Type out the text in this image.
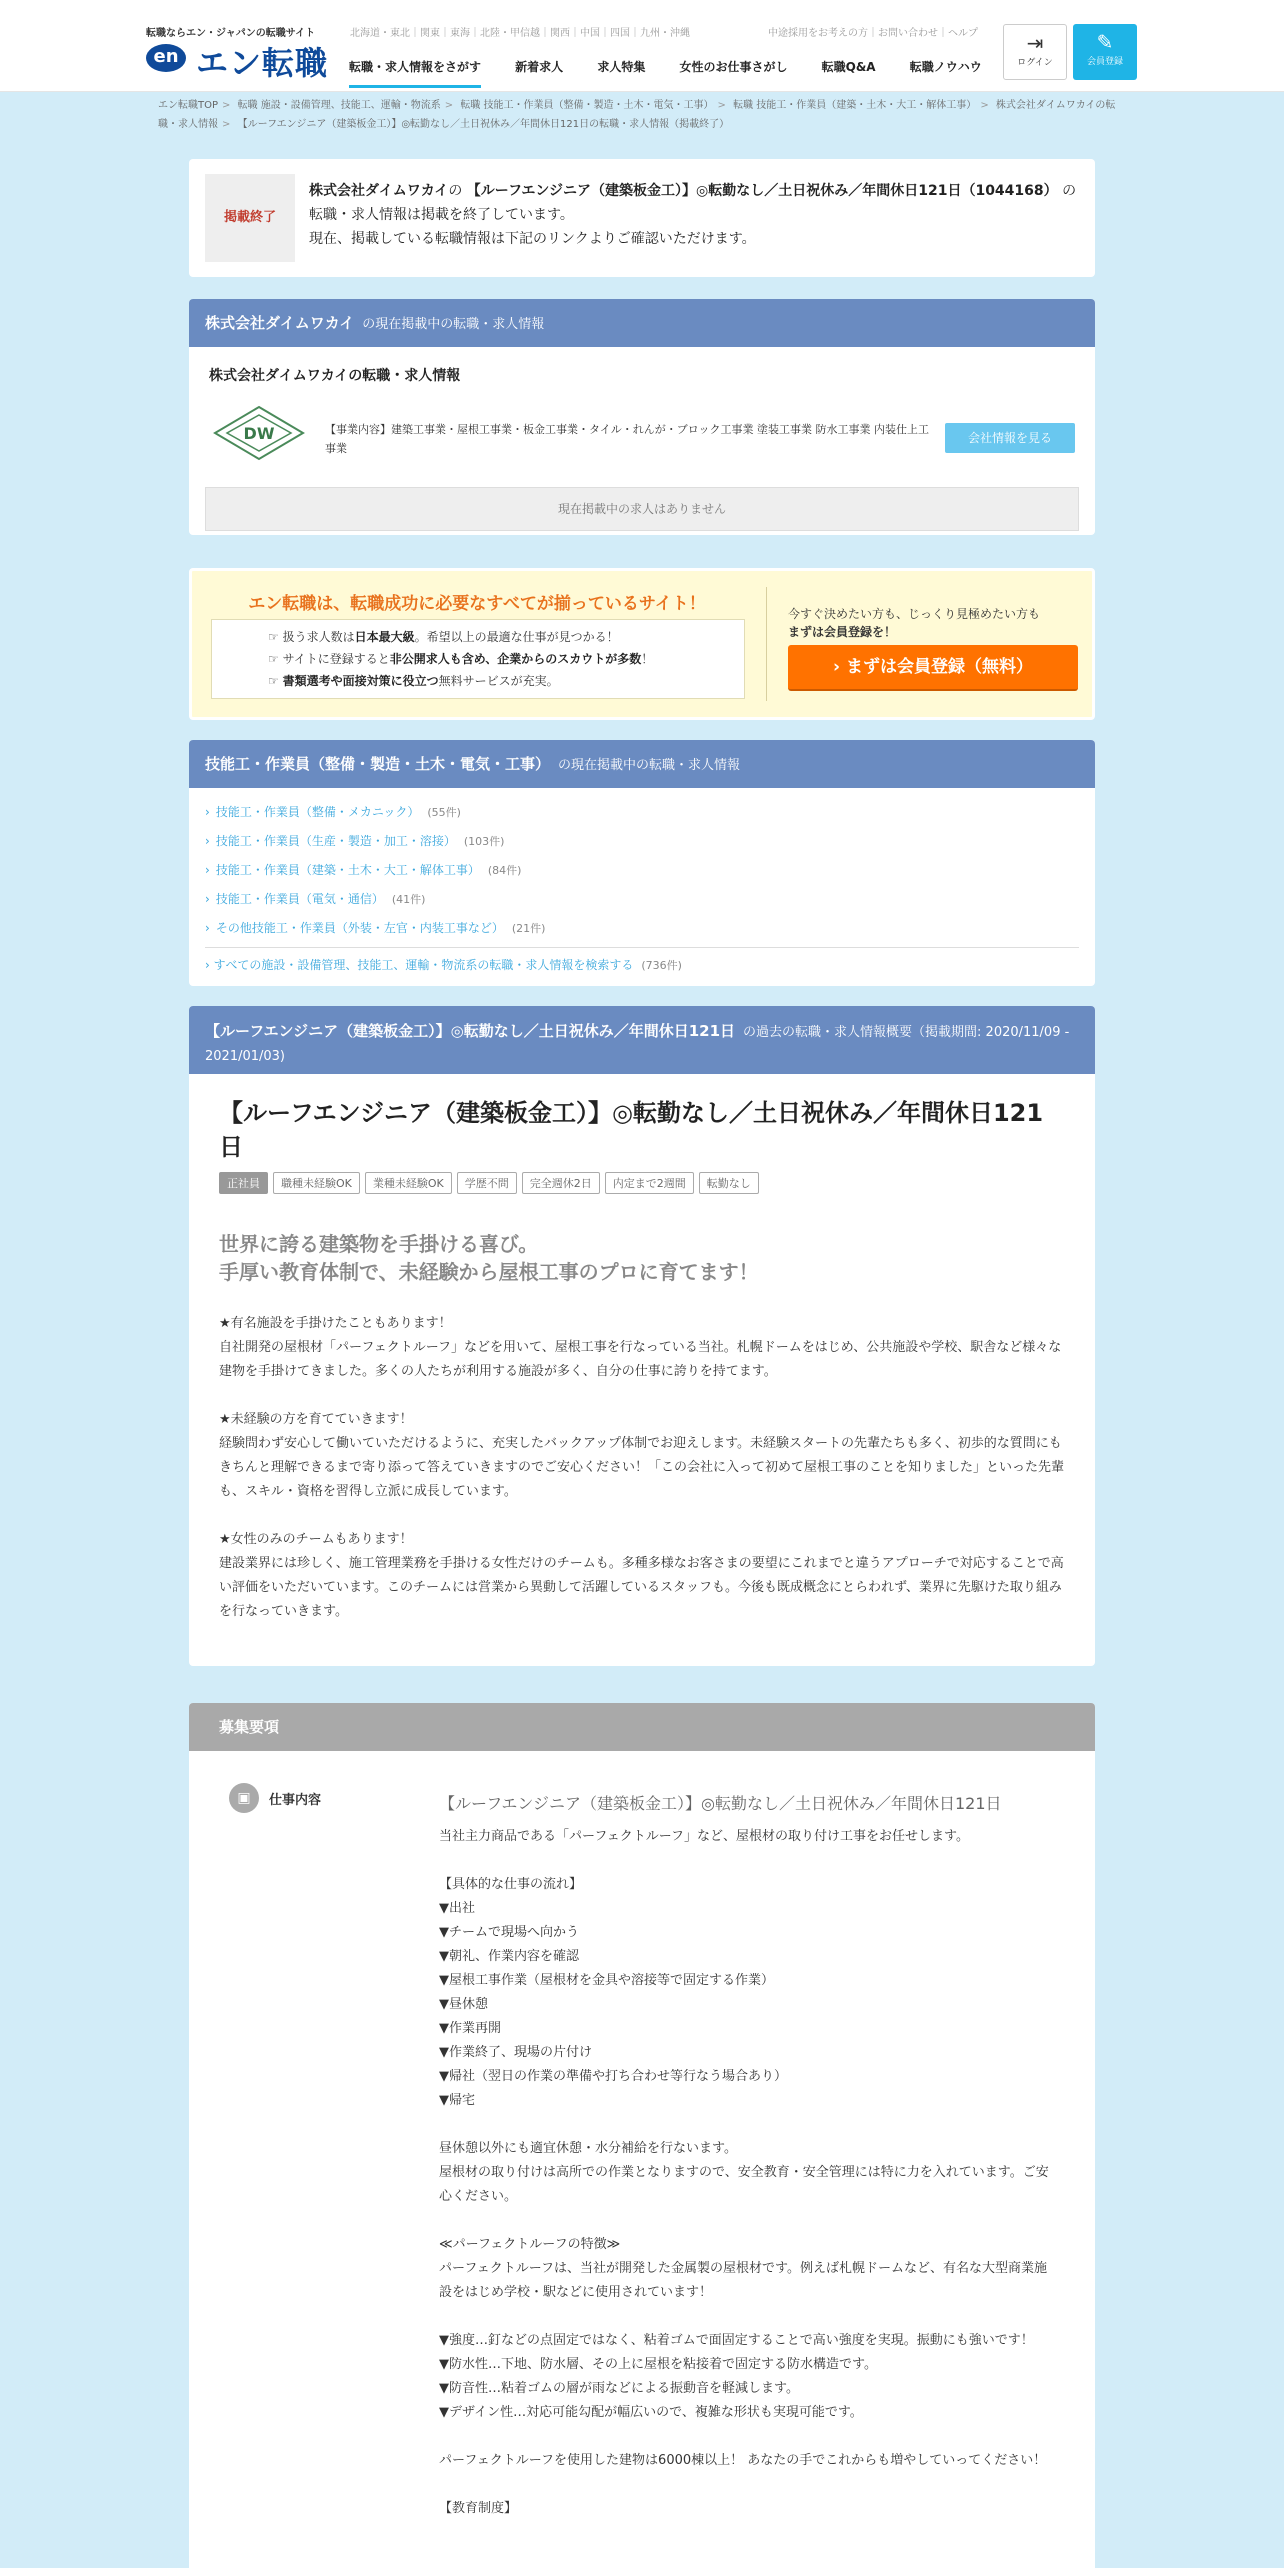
転職ならエン・ジャパンの転職サイト
en エン転職
北海道・東北｜関東｜東海｜北陸・甲信越｜関西｜中国｜四国｜九州・沖縄	中途採用をお考えの方｜お問い合わせ｜ヘルプ
転職・求人情報をさがす	新着求人	求人特集	女性のお仕事さがし	転職Q&A	転職ノウハウ
⇥
ログイン
✎
会員登録
エン転職TOP > 転職 施設・設備管理、技能工、運輸・物流系 > 転職 技能工・作業員（整備・製造・土木・電気・工事） > 転職 技能工・作業員（建築・土木・大工・解体工事） > 株式会社ダイムワカイの転職・求人情報 > 【ルーフエンジニア（建築板金工）】◎転勤なし／土日祝休み／年間休日121日の転職・求人情報（掲載終了）
掲載終了
株式会社ダイムワカイの 【ルーフエンジニア（建築板金工）】◎転勤なし／土日祝休み／年間休日121日（1044168） の転職・求人情報は掲載を終了しています。
現在、掲載している転職情報は下記のリンクよりご確認いただけます。
株式会社ダイムワカイ の現在掲載中の転職・求人情報
株式会社ダイムワカイの転職・求人情報
DW	【事業内容】建築工事業・屋根工事業・板金工事業・タイル・れんが・ブロック工事業 塗装工事業 防水工事業 内装仕上工事業
会社情報を見る
現在掲載中の求人はありません
エン転職は、転職成功に必要なすべてが揃っているサイト！
☞ 扱う求人数は日本最大級。希望以上の最適な仕事が見つかる！
☞ サイトに登録すると非公開求人も含め、企業からのスカウトが多数！
☞ 書類選考や面接対策に役立つ無料サービスが充実。
今すぐ決めたい方も、じっくり見極めたい方も
まずは会員登録を！
› まずは会員登録（無料）
技能工・作業員（整備・製造・土木・電気・工事） の現在掲載中の転職・求人情報
› 技能工・作業員（整備・メカニック） (55件)
› 技能工・作業員（生産・製造・加工・溶接） (103件)
› 技能工・作業員（建築・土木・大工・解体工事） (84件)
› 技能工・作業員（電気・通信） (41件)
› その他技能工・作業員（外装・左官・内装工事など） (21件)
› すべての施設・設備管理、技能工、運輸・物流系の転職・求人情報を検索する (736件)
【ルーフエンジニア（建築板金工）】◎転勤なし／土日祝休み／年間休日121日 の過去の転職・求人情報概要（掲載期間: 2020/11/09 - 2021/01/03)
【ルーフエンジニア（建築板金工）】◎転勤なし／土日祝休み／年間休日121日
正社員 職種未経験OK 業種未経験OK 学歴不問 完全週休2日 内定まで2週間 転勤なし
世界に誇る建築物を手掛ける喜び。
手厚い教育体制で、未経験から屋根工事のプロに育てます！
★有名施設を手掛けたこともあります！
自社開発の屋根材「パーフェクトルーフ」などを用いて、屋根工事を行なっている当社。札幌ドームをはじめ、公共施設や学校、駅舎など様々な建物を手掛けてきました。多くの人たちが利用する施設が多く、自分の仕事に誇りを持てます。

★未経験の方を育てていきます！
経験問わず安心して働いていただけるように、充実したバックアップ体制でお迎えします。未経験スタートの先輩たちも多く、初歩的な質問にもきちんと理解できるまで寄り添って答えていきますのでご安心ください！「この会社に入って初めて屋根工事のことを知りました」といった先輩も、スキル・資格を習得し立派に成長しています。

★女性のみのチームもあります！
建設業界には珍しく、施工管理業務を手掛ける女性だけのチームも。多種多様なお客さまの要望にこれまでと違うアプローチで対応することで高い評価をいただいています。このチームには営業から異動して活躍しているスタッフも。今後も既成概念にとらわれず、業界に先駆けた取り組みを行なっていきます。
募集要項
▣	仕事内容	【ルーフエンジニア（建築板金工）】◎転勤なし／土日祝休み／年間休日121日
当社主力商品である「パーフェクトルーフ」など、屋根材の取り付け工事をお任せします。

【具体的な仕事の流れ】
▼出社
▼チームで現場へ向かう
▼朝礼、作業内容を確認
▼屋根工事作業（屋根材を金具や溶接等で固定する作業）
▼昼休憩
▼作業再開
▼作業終了、現場の片付け
▼帰社（翌日の作業の準備や打ち合わせ等行なう場合あり）
▼帰宅

昼休憩以外にも適宜休憩・水分補給を行ないます。
屋根材の取り付けは高所での作業となりますので、安全教育・安全管理には特に力を入れています。ご安心ください。

≪パーフェクトルーフの特徴≫
パーフェクトルーフは、当社が開発した金属製の屋根材です。例えば札幌ドームなど、有名な大型商業施設をはじめ学校・駅などに使用されています！

▼強度…釘などの点固定ではなく、粘着ゴムで面固定することで高い強度を実現。振動にも強いです！
▼防水性…下地、防水層、その上に屋根を粘接着で固定する防水構造です。
▼防音性…粘着ゴムの層が雨などによる振動音を軽減します。
▼デザイン性…対応可能勾配が幅広いので、複雑な形状も実現可能です。

パーフェクトルーフを使用した建物は6000棟以上！ あなたの手でこれからも増やしていってください！

【教育制度】
